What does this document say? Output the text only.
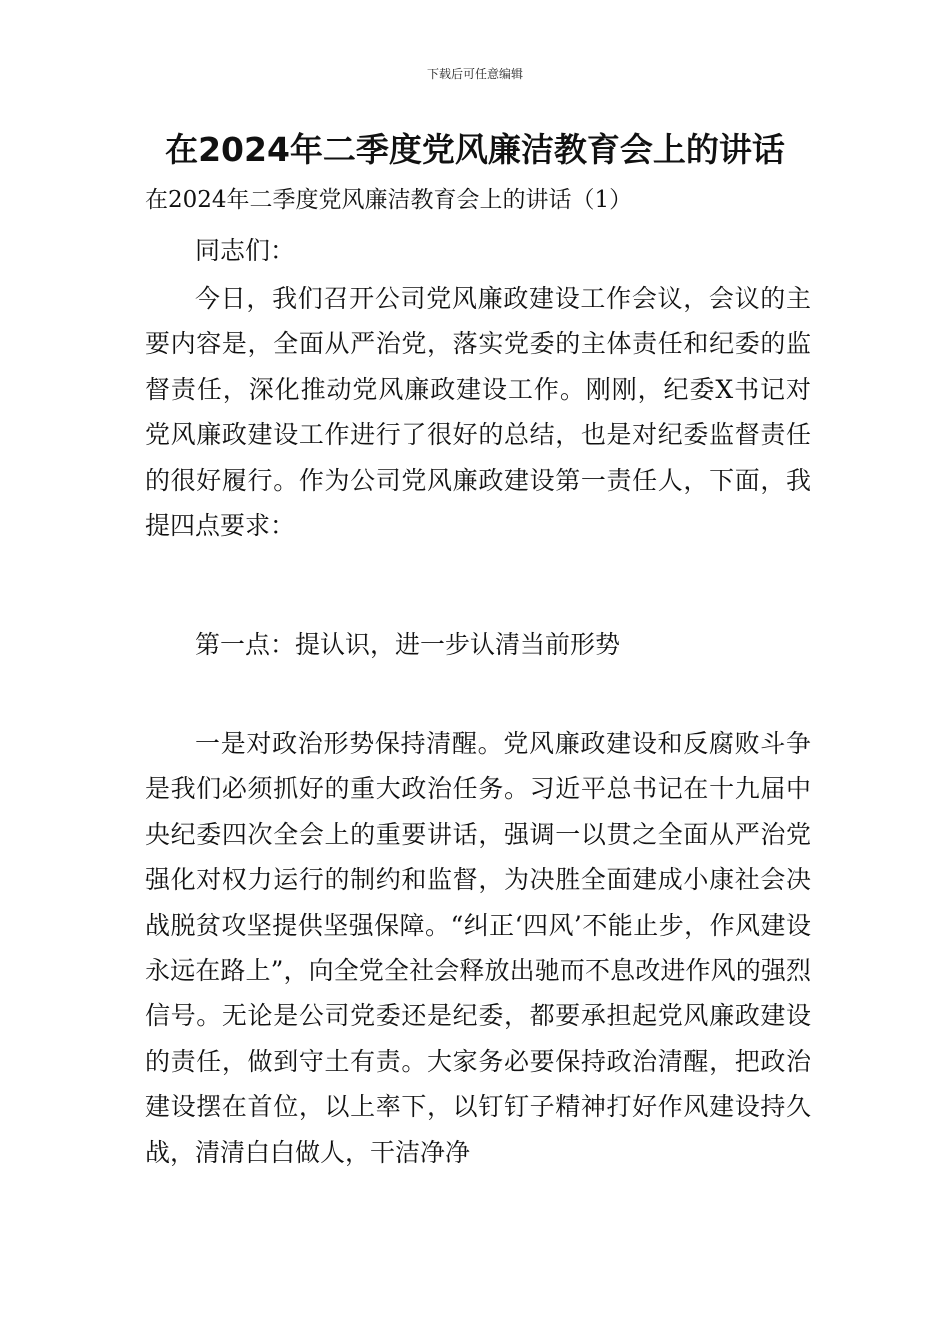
下载后可任意编辑
在2024年二季度党风廉洁教育会上的讲话

在2024年二季度党风廉洁教育会上的讲话（1）

同志们：

今日，我们召开公司党风廉政建设工作会议，会议的主要内容是，全面从严治党，落实党委的主体责任和纪委的监督责任，深化推动党风廉政建设工作。刚刚，纪委X书记对党风廉政建设工作进行了很好的总结，也是对纪委监督责任的很好履行。作为公司党风廉政建设第一责任人，下面，我提四点要求：

第一点：提认识，进一步认清当前形势

一是对政治形势保持清醒。党风廉政建设和反腐败斗争是我们必须抓好的重大政治任务。习近平总书记在十九届中央纪委四次全会上的重要讲话，强调一以贯之全面从严治党强化对权力运行的制约和监督，为决胜全面建成小康社会决战脱贫攻坚提供坚强保障。“纠正‘四风’不能止步，作风建设永远在路上”，向全党全社会释放出驰而不息改进作风的强烈信号。无论是公司党委还是纪委，都要承担起党风廉政建设的责任，做到守土有责。大家务必要保持政治清醒，把政治建设摆在首位，以上率下，以钉钉子精神打好作风建设持久战，清清白白做人，干洁净净
